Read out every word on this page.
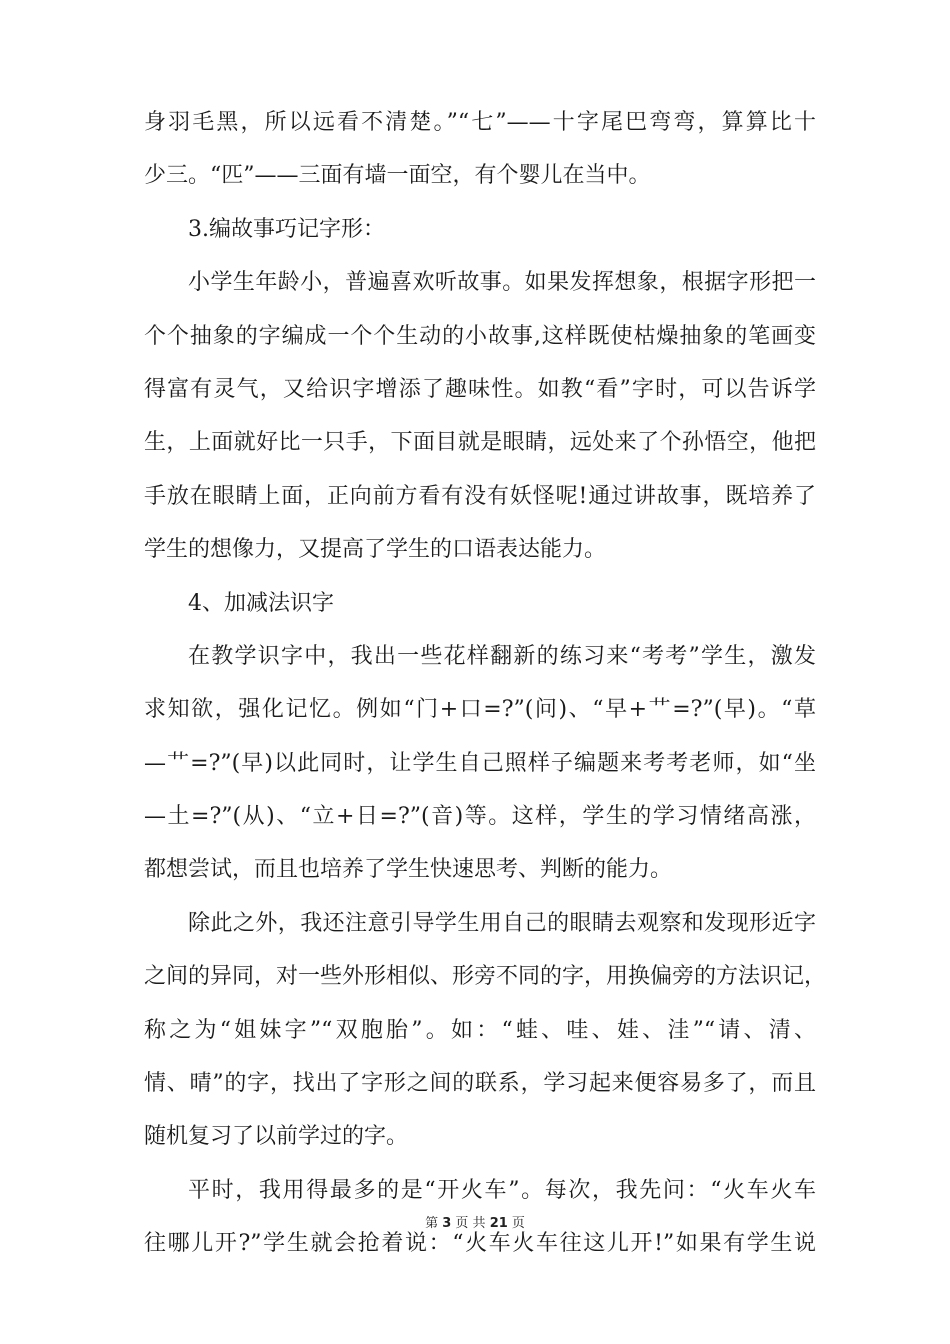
身羽毛黑，所以远看不清楚。”“七”——十字尾巴弯弯，算算比十
少三。“匹”——三面有墙一面空，有个婴儿在当中。
3.编故事巧记字形：
小学生年龄小，普遍喜欢听故事。如果发挥想象，根据字形把一
个个抽象的字编成一个个生动的小故事,这样既使枯燥抽象的笔画变
得富有灵气，又给识字增添了趣味性。如教“看”字时，可以告诉学
生，上面就好比一只手，下面目就是眼睛，远处来了个孙悟空，他把
手放在眼睛上面，正向前方看有没有妖怪呢!通过讲故事，既培养了
学生的想像力，又提高了学生的口语表达能力。
4、加减法识字
在教学识字中，我出一些花样翻新的练习来“考考”学生，激发
求知欲，强化记忆。例如“门+口=?”(问)、“早+艹=?”(早)。“草
—艹=?”(早)以此同时，让学生自己照样子编题来考考老师，如“坐
—土=?”(从)、“立+日=?”(音)等。这样，学生的学习情绪高涨，
都想尝试，而且也培养了学生快速思考、判断的能力。
除此之外，我还注意引导学生用自己的眼睛去观察和发现形近字
之间的异同，对一些外形相似、形旁不同的字，用换偏旁的方法识记，
称之为“姐妹字”“双胞胎”。如：“蛙、哇、娃、洼”“请、清、
情、晴”的字，找出了字形之间的联系，学习起来便容易多了，而且
随机复习了以前学过的字。
平时，我用得最多的是“开火车”。每次，我先问：“火车火车
往哪儿开?”学生就会抢着说：“火车火车往这儿开!”如果有学生说
第 3 页 共 21 页
